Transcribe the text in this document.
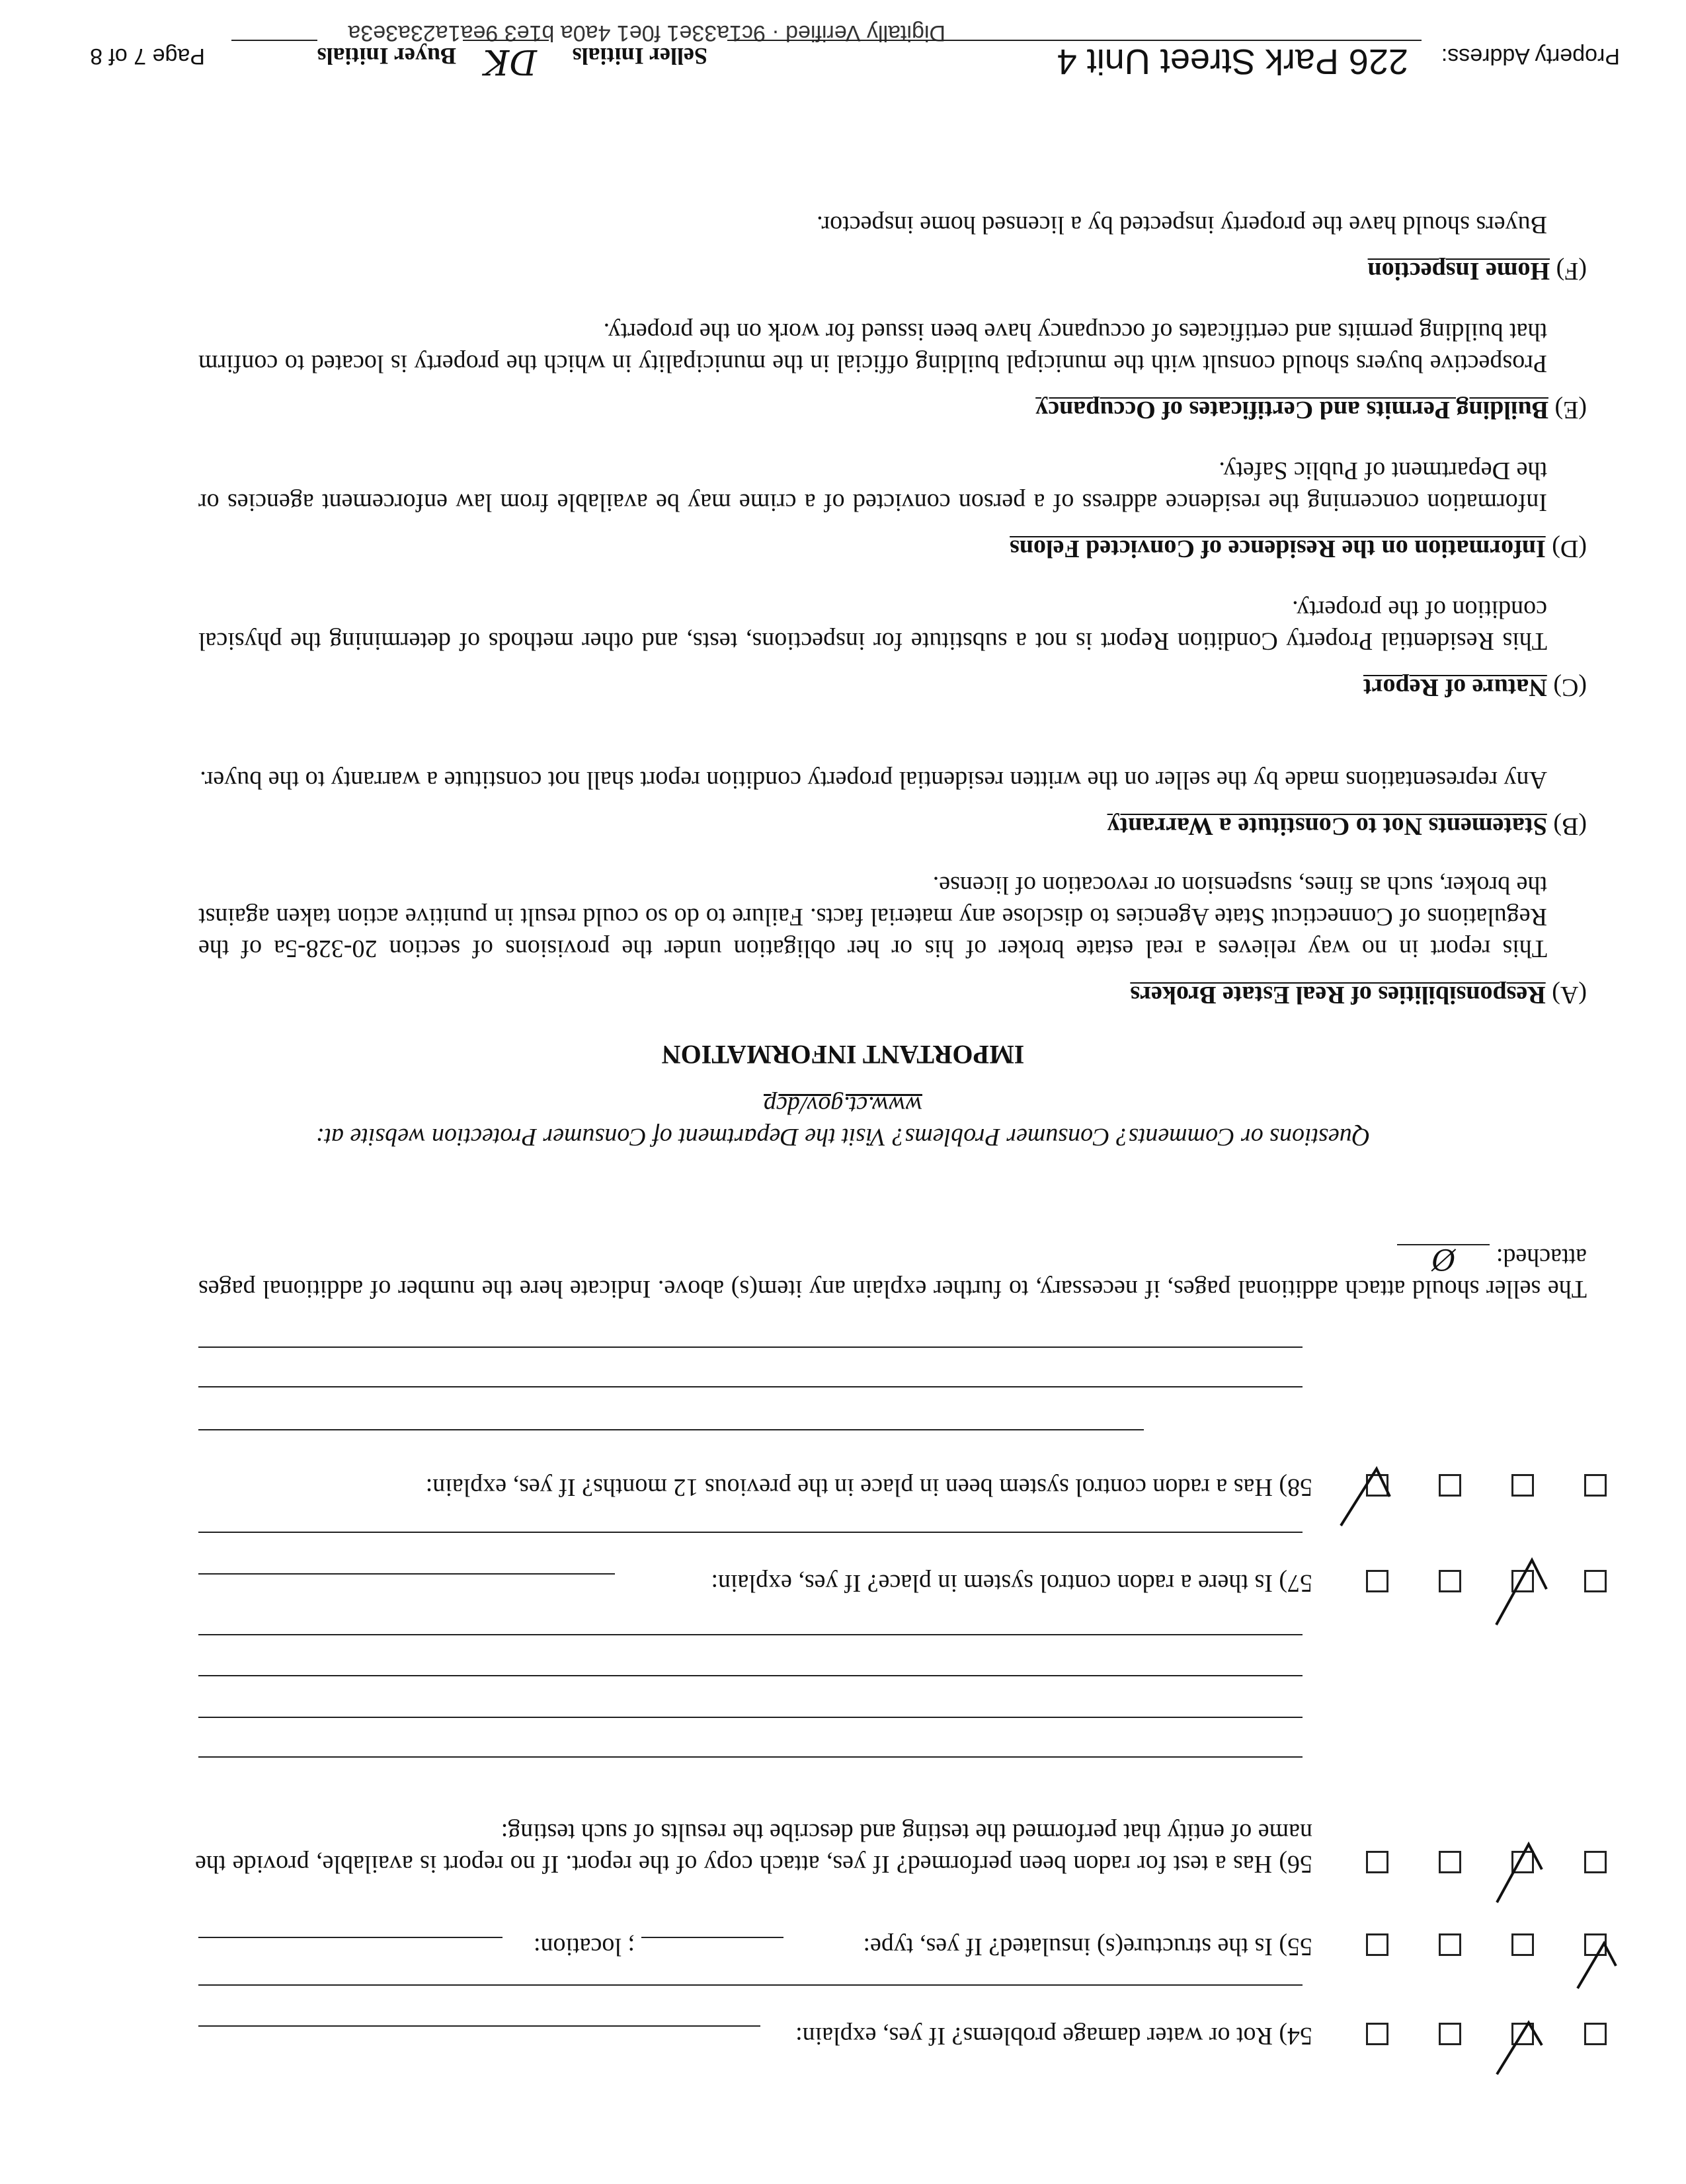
Digitally Verified · 9c1a33e1 f0e1 4a0a b1e3 9ea1a23a3e3a
54) Rot or water damage problems? If yes, explain:
55) Is the structure(s) insulated? If yes, type:
; location:
56) Has a test for radon been performed? If yes, attach copy of the report. If no report is available, provide the name of entity that performed the testing and describe the results of such testing:
57) Is there a radon control system in place? If yes, explain:
58) Has a radon control system been in place in the previous 12 months? If yes, explain:
The seller should attach additional pages, if necessary, to further explain any item(s) above. Indicate here the number of additional pages attached: Ø
Questions or Comments? Consumer Problems? Visit the Department of Consumer Protection website at:
www.ct.gov/dcp
IMPORTANT INFORMATION
(A) Responsibilities of Real Estate Brokers
This report in no way relieves a real estate broker of his or her obligation under the provisions of section 20-328-5a of the Regulations of Connecticut State Agencies to disclose any material facts. Failure to do so could result in punitive action taken against the broker, such as fines, suspension or revocation of license.
(B) Statements Not to Constitute a Warranty
Any representations made by the seller on the written residential property condition report shall not constitute a warranty to the buyer.
(C) Nature of Report
This Residential Property Condition Report is not a substitute for inspections, tests, and other methods of determining the physical condition of the property.
(D) Information on the Residence of Convicted Felons
Information concerning the residence address of a person convicted of a crime may be available from law enforcement agencies or the Department of Public Safety.
(E) Building Permits and Certificates of Occupancy
Prospective buyers should consult with the municipal building official in the municipality in which the property is located to confirm that building permits and certificates of occupancy have been issued for work on the property.
(F) Home Inspection
Buyers should have the property inspected by a licensed home inspector.
Property Address:
226 Park Street Unit 4
Seller Initials
DK
Buyer Initials
Page 7 of 8
